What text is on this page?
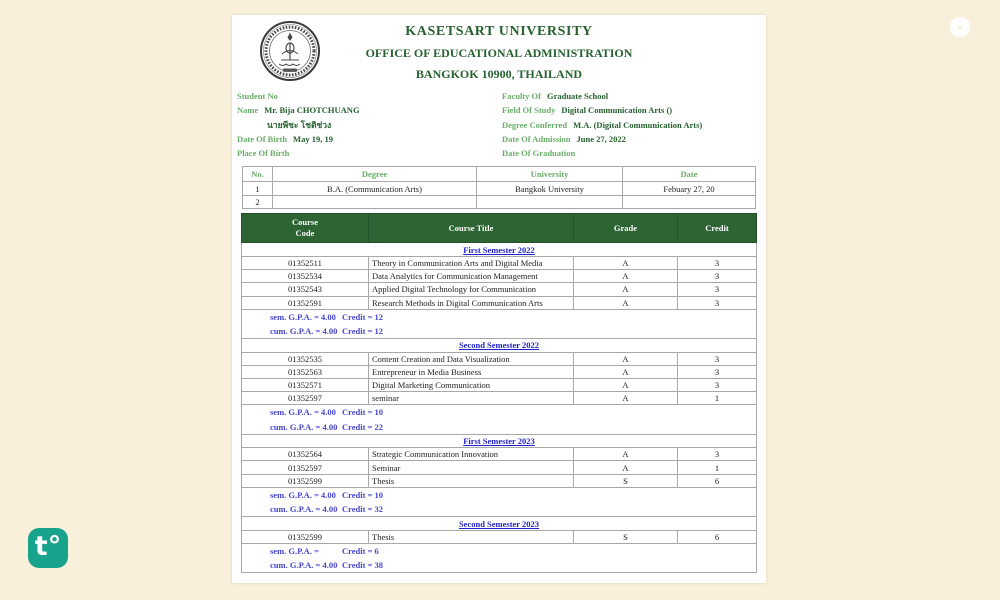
t°
KASETSART UNIVERSITY
OFFICE OF EDUCATIONAL ADMINISTRATION
BANGKOK 10900, THAILAND
Student No	Faculty Of Graduate School
Name Mr. Bija CHOTCHUANG	Field Of Study Digital Communication Arts ()
นายพีชะ โชติช่วง	Degree Conferred M.A. (Digital Communication Arts)
Date Of Birth May 19, 19	Date Of Admission June 27, 2022
Place Of Birth	Date Of Graduation
No.	Degree	University	Date
1	B.A. (Communication Arts)	Bangkok University	Febuary 27, 20
2			
Course
Code	Course Title	Grade	Credit
First Semester 2022			
01352511	Theory in Communication Arts and Digital Media	A	3
01352534	Data Analytics for Communication Management	A	3
01352543	Applied Digital Technology for Communication	A	3
01352591	Research Methods in Digital Communication Arts	A	3

sem. G.P.A. = 4.00 Credit = 12
cum. G.P.A. = 4.00 Credit = 12			

Second Semester 2022			
01352535	Content Creation and Data Visualization	A	3
01352563	Entrepreneur in Media Business	A	3
01352571	Digital Marketing Communication	A	3
01352597	seminar	A	1

sem. G.P.A. = 4.00 Credit = 10
cum. G.P.A. = 4.00 Credit = 22			

First Semester 2023			
01352564	Strategic Communication Innovation	A	3
01352597	Seminar	A	1
01352599	Thesis	S	6

sem. G.P.A. = 4.00 Credit = 10
cum. G.P.A. = 4.00 Credit = 32			

Second Semester 2023			
01352599	Thesis	S	6

sem. G.P.A. = Credit = 6
cum. G.P.A. = 4.00 Credit = 38			
